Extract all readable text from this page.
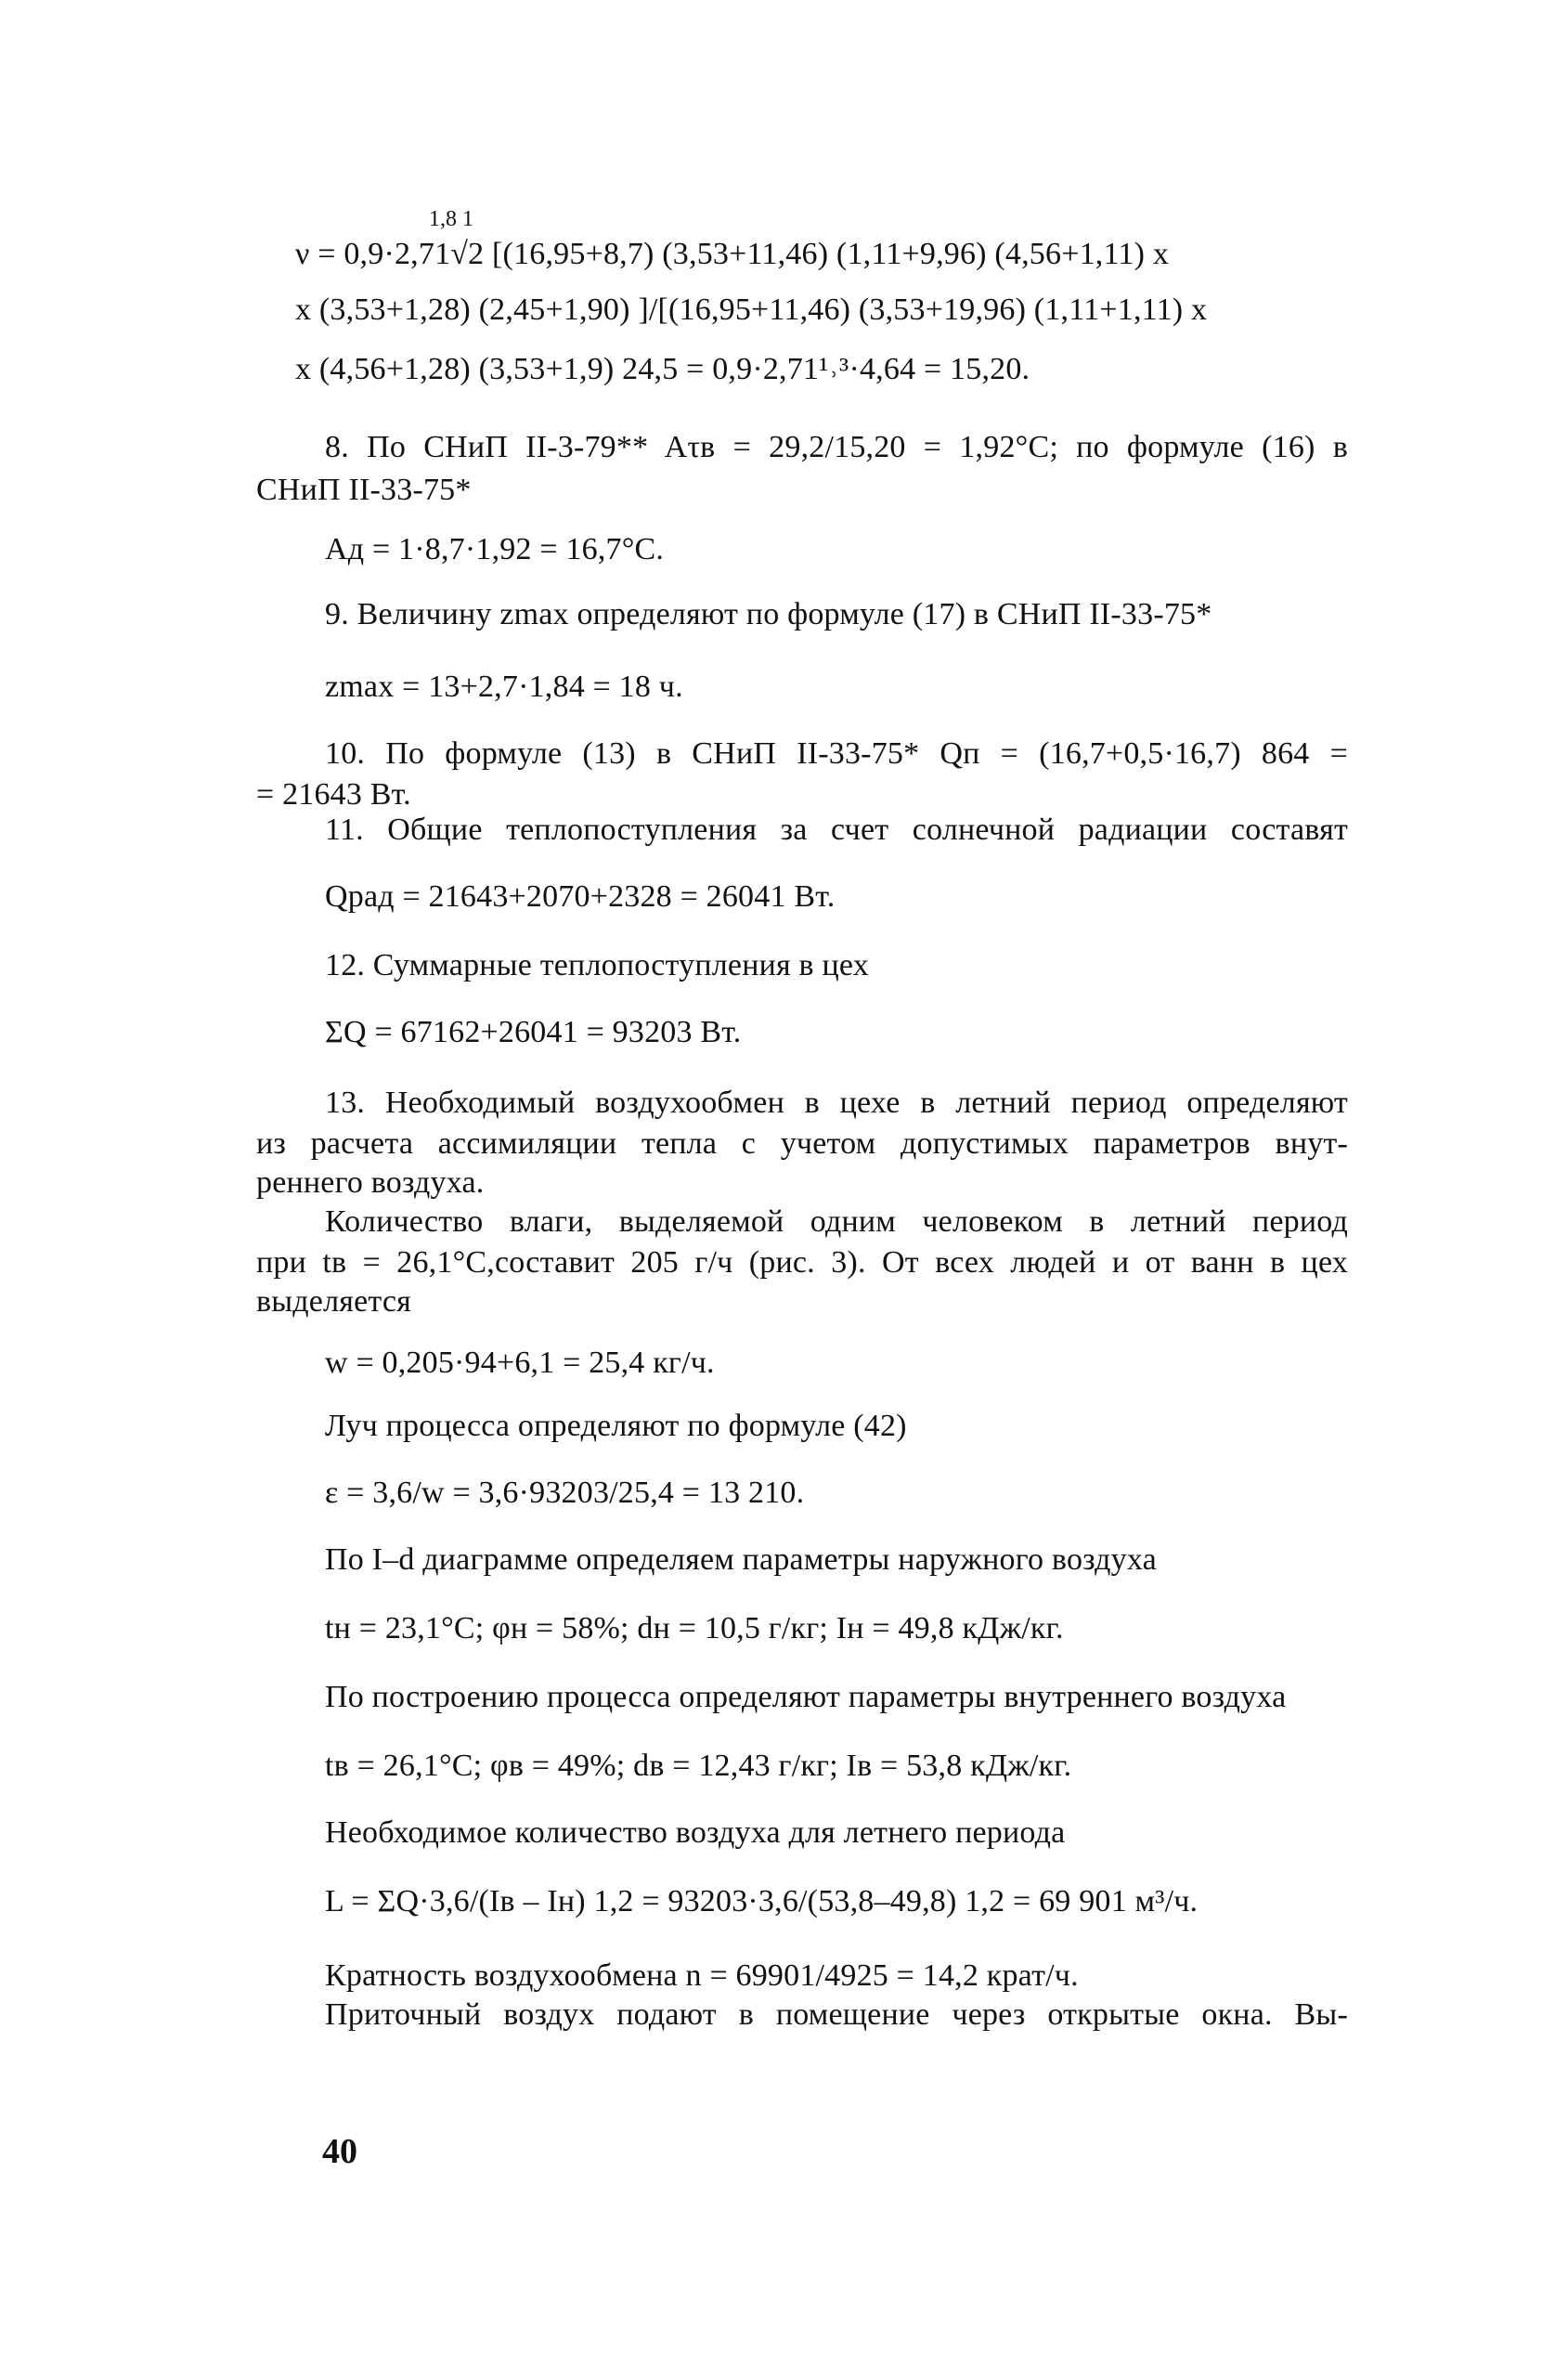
1,8 1
ν = 0,9·2,71√2 [(16,95+8,7) (3,53+11,46) (1,11+9,96) (4,56+1,11) x
x (3,53+1,28) (2,45+1,90) ]/[(16,95+11,46) (3,53+19,96) (1,11+1,11) x
x (4,56+1,28) (3,53+1,9) 24,5 = 0,9·2,71¹˒³·4,64 = 15,20.
8. По СНиП II-3-79** Aτв = 29,2/15,20 = 1,92°С; по формуле (16) в
СНиП II-33-75*
Aд = 1·8,7·1,92 = 16,7°С.
9. Величину zmax определяют по формуле (17) в СНиП II-33-75*
zmax = 13+2,7·1,84 = 18 ч.
10. По формуле (13) в СНиП II-33-75* Qп = (16,7+0,5·16,7) 864 =
= 21643 Вт.
11. Общие теплопоступления за счет солнечной радиации составят
Qрад = 21643+2070+2328 = 26041 Вт.
12. Суммарные теплопоступления в цех
ΣQ = 67162+26041 = 93203 Вт.
13. Необходимый воздухообмен в цехе в летний период определяют
из расчета ассимиляции тепла с учетом допустимых параметров внут-
реннего воздуха.
Количество влаги, выделяемой одним человеком в летний период
при tв = 26,1°С,составит 205 г/ч (рис. 3). От всех людей и от ванн в цех
выделяется
w = 0,205·94+6,1 = 25,4 кг/ч.
Луч процесса определяют по формуле (42)
ε = 3,6/w = 3,6·93203/25,4 = 13 210.
По I–d диаграмме определяем параметры наружного воздуха
tн = 23,1°С; φн = 58%; dн = 10,5 г/кг; Iн = 49,8 кДж/кг.
По построению процесса определяют параметры внутреннего воздуха
tв = 26,1°С; φв = 49%; dв = 12,43 г/кг; Iв = 53,8 кДж/кг.
Необходимое количество воздуха для летнего периода
L = ΣQ·3,6/(Iв – Iн) 1,2 = 93203·3,6/(53,8–49,8) 1,2 = 69 901 м³/ч.
Кратность воздухообмена n = 69901/4925 = 14,2 крат/ч.
Приточный воздух подают в помещение через открытые окна. Вы-
40
